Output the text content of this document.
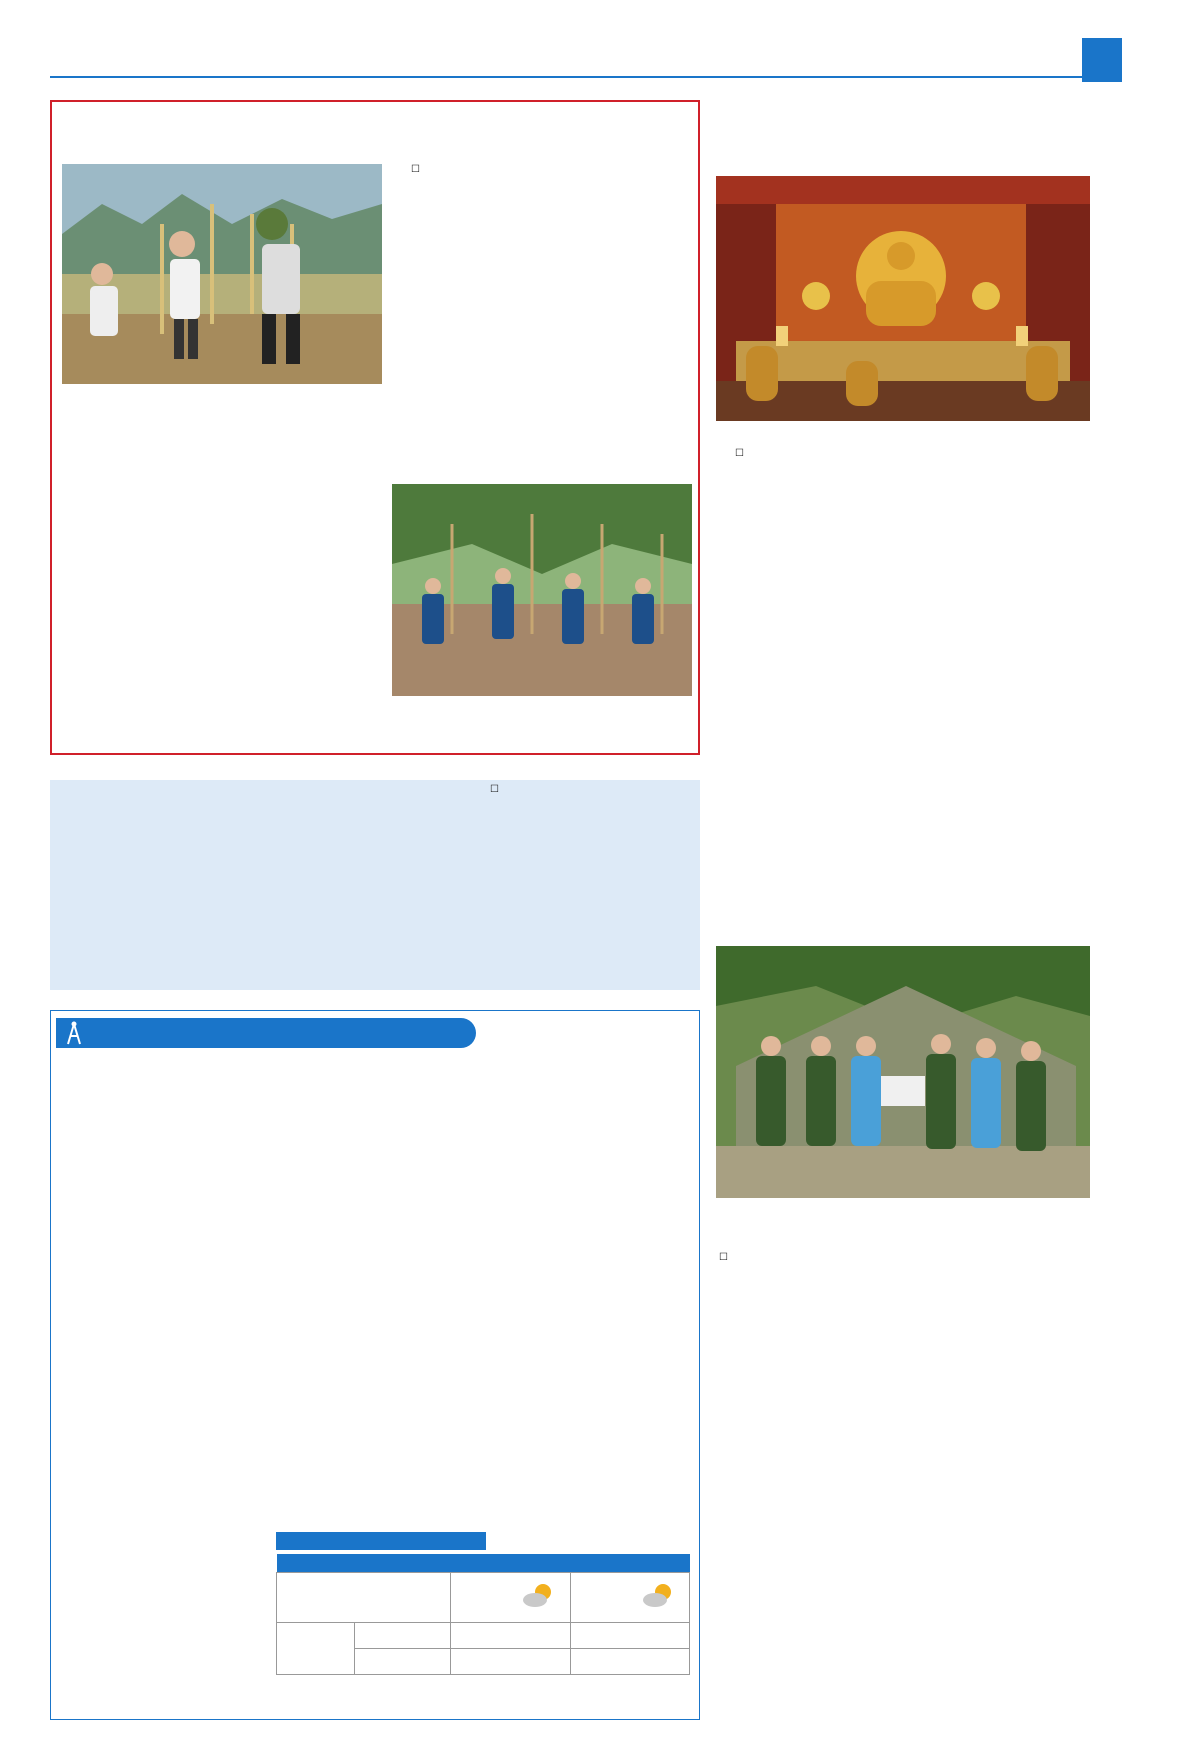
☐

☐

☐

☐
